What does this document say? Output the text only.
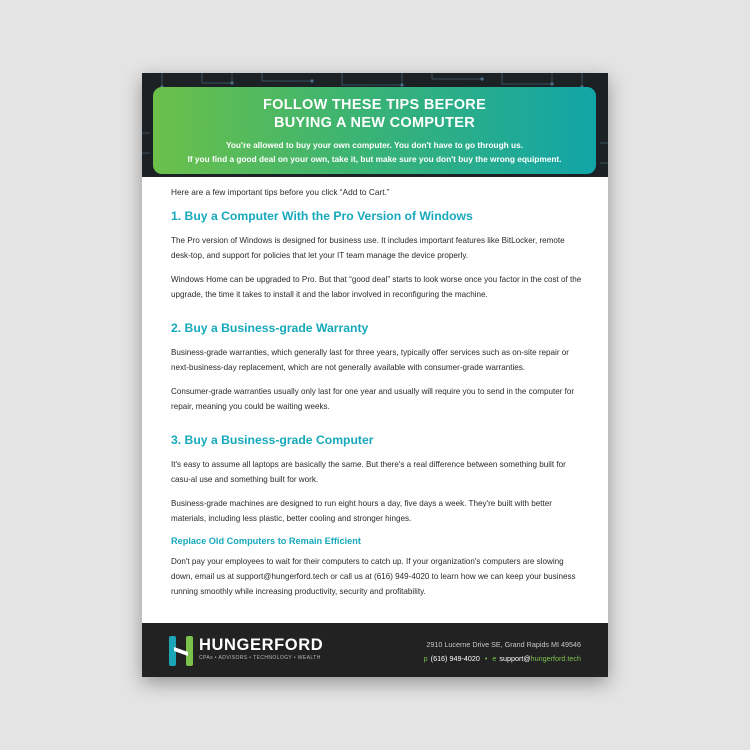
FOLLOW THESE TIPS BEFORE
BUYING A NEW COMPUTER
You're allowed to buy your own computer. You don't have to go through us.
If you find a good deal on your own, take it, but make sure you don't buy the wrong equipment.

Here are a few important tips before you click “Add to Cart.”

1. Buy a Computer With the Pro Version of Windows

The Pro version of Windows is designed for business use. It includes important features like BitLocker, remote desk-top, and support for policies that let your IT team manage the device properly.

Windows Home can be upgraded to Pro. But that “good deal” starts to look worse once you factor in the cost of the upgrade, the time it takes to install it and the labor involved in reconfiguring the machine.

2. Buy a Business-grade Warranty

Business-grade warranties, which generally last for three years, typically offer services such as on-site repair or next-business-day replacement, which are not generally available with consumer-grade warranties.

Consumer-grade warranties usually only last for one year and usually will require you to send in the computer for repair, meaning you could be waiting weeks.

3. Buy a Business-grade Computer

It's easy to assume all laptops are basically the same. But there's a real difference between something built for casu-al use and something built for work.

Business-grade machines are designed to run eight hours a day, five days a week. They're built with better materials, including less plastic, better cooling and stronger hinges.

Replace Old Computers to Remain Efficient

Don't pay your employees to wait for their computers to catch up. If your organization's computers are slowing down, email us at support@hungerford.tech or call us at (616) 949-4020 to learn how we can keep your business running smoothly while increasing productivity, security and profitability.

HUNGERFORD
CPAs • ADVISORS • TECHNOLOGY • WEALTH
2910 Lucerne Drive SE, Grand Rapids MI 49546
p (616) 949-4020 • e support@hungerford.tech
